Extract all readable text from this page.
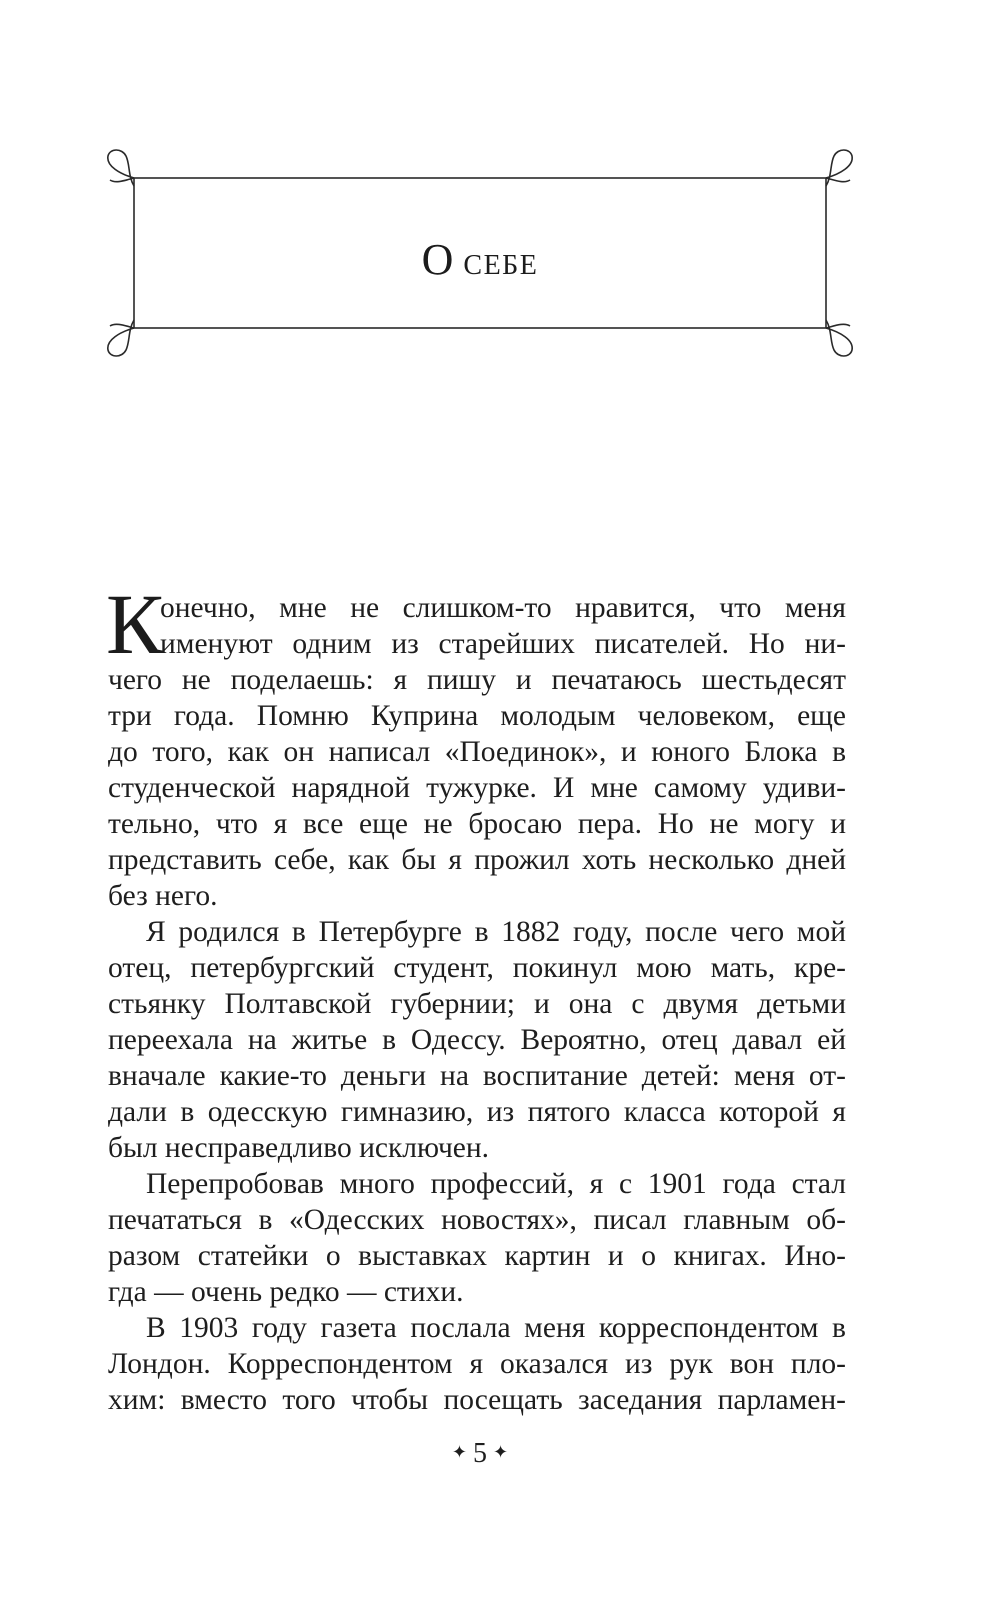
О себе
К
онечно, мне не слишком-то нравится, что меня
именуют одним из старейших писателей. Но ни-
чего не поделаешь: я пишу и печатаюсь шестьдесят
три года. Помню Куприна молодым человеком, еще
до того, как он написал «Поединок», и юного Блока в
студенческой нарядной тужурке. И мне самому удиви-
тельно, что я все еще не бросаю пера. Но не могу и
представить себе, как бы я прожил хоть несколько дней
без него.
Я родился в Петербурге в 1882 году, после чего мой
отец, петербургский студент, покинул мою мать, кре-
стьянку Полтавской губернии; и она с двумя детьми
переехала на житье в Одессу. Вероятно, отец давал ей
вначале какие-то деньги на воспитание детей: меня от-
дали в одесскую гимназию, из пятого класса которой я
был несправедливо исключен.
Перепробовав много профессий, я с 1901 года стал
печататься в «Одесских новостях», писал главным об-
разом статейки о выставках картин и о книгах. Ино-
гда — очень редко — стихи.
В 1903 году газета послала меня корреспондентом в
Лондон. Корреспондентом я оказался из рук вон пло-
хим: вместо того чтобы посещать заседания парламен-
✦ 5 ✦
